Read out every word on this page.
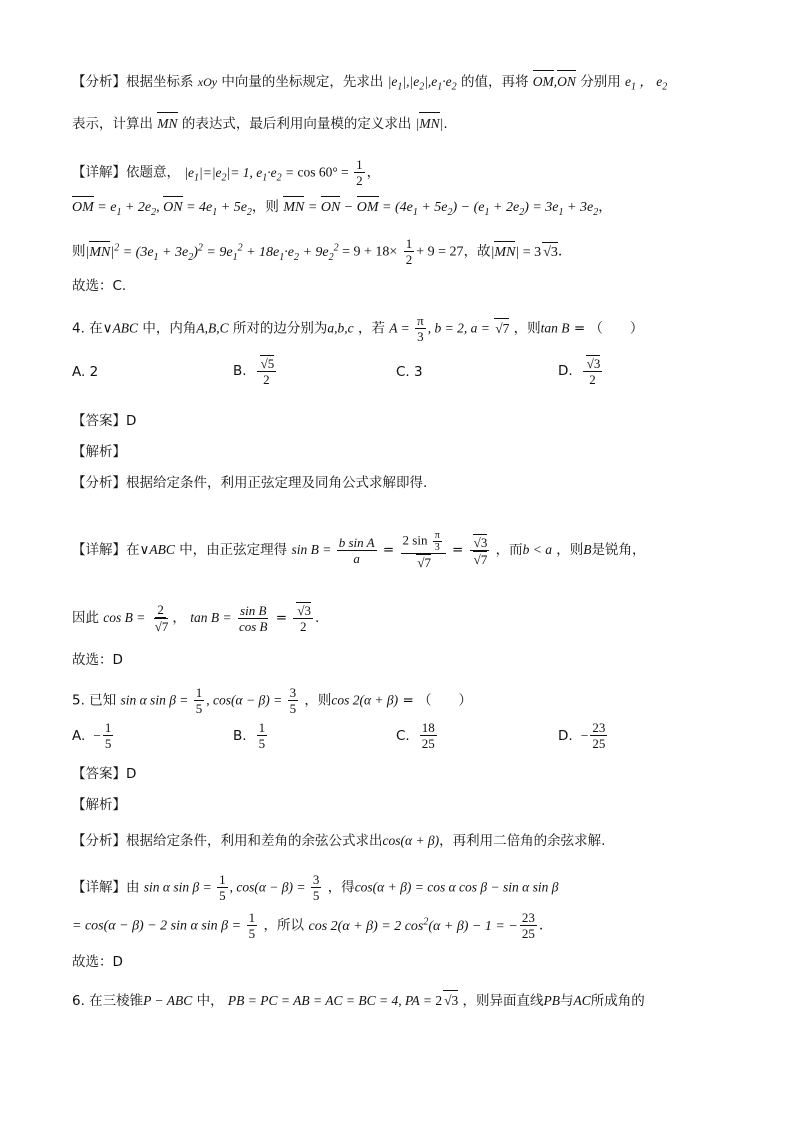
【分析】根据坐标系 xOy 中向量的坐标规定，先求出 $|e_1|,|e_2|,e_1\cdot e_2$ 的值，再将 OM,ON 分别用 $e_1$ ， $e_2$
表示，计算出 MN 的表达式，最后利用向量模的定义求出 |MN|.
【详解】依题意， $|e_1|=|e_2|= 1$, $e_1\cdot e_2 = \cos 60^\circ = \frac{1}{2}$ ，
OM = $e_1 + 2e_2$, ON = $4e_1 + 5e_2$，则 MN = ON − OM = $(4e_1 + 5e_2) - (e_1 + 2e_2) = 3e_1 + 3e_2$，
则$|MN|^2 = (3e_1 + 3e_2)^2 = 9e_1^2 + 18e_1\cdot e_2 + 9e_2^2 = 9 + 18\times \frac{1}{2} + 9 = 27$，故|MN| = 3 √ 3.
故选：C.
4. 在∨ABC 中，内角A,B,C 所对的边分别为a,b,c ，若 $A = \frac{\pi}{3}$ , b = 2, a = √ 7 ，则tan B = （　　）
A. 2	B. √ $\frac{5}{2}$	C. 3	D. √ $\frac{3}{2}$
【答案】D
【解析】
【分析】根据给定条件，利用正弦定理及同角公式求解即得.
【详解】在∨ABC 中，由正弦定理得 $\sin B = \frac{\text{b sin A}}{a} = 2$ $\sin \frac{\pi}{3}$
√ 7 = √ 3
√ 7 ，而b < a ，则B是锐角，
因此 cos B = 2
√ 7 ， $\tan B = \frac{\text{sin B}}{\text{cos B}}$ = √ $\frac{3}{2}$ .
故选：D
5. 已知 sin α $\sin \beta = \frac{1}{5}$ , $\cos(\alpha - \beta) = \frac{3}{5}$ ，则cos 2(α + β) = （　　）
A. − $\frac{1}{5}$	B. $\frac{1}{5}$	C. $\frac{18}{25}$	D. − $\frac{23}{25}$
【答案】D
【解析】
【分析】根据给定条件，利用和差角的余弦公式求出cos(α + β)，再利用二倍角的余弦求解.
【详解】由 sin α $\sin \beta = \frac{1}{5}$ , $\cos(\alpha - \beta) = \frac{3}{5}$ ，得cos(α + β) = cos α cos β − sin α sin β
= cos(α − β) − 2 sin α $\sin \beta = \frac{1}{5}$ ，所以 cos 2(α + β) = 2 $\cos^2(\alpha + \beta) - 1$ = − $\frac{23}{25}$ .
故选：D
6. 在三棱锥P − ABC 中， PB = PC = AB = AC = BC = 4, PA = 2 √ 3 ，则异面直线PB与AC所成角的
